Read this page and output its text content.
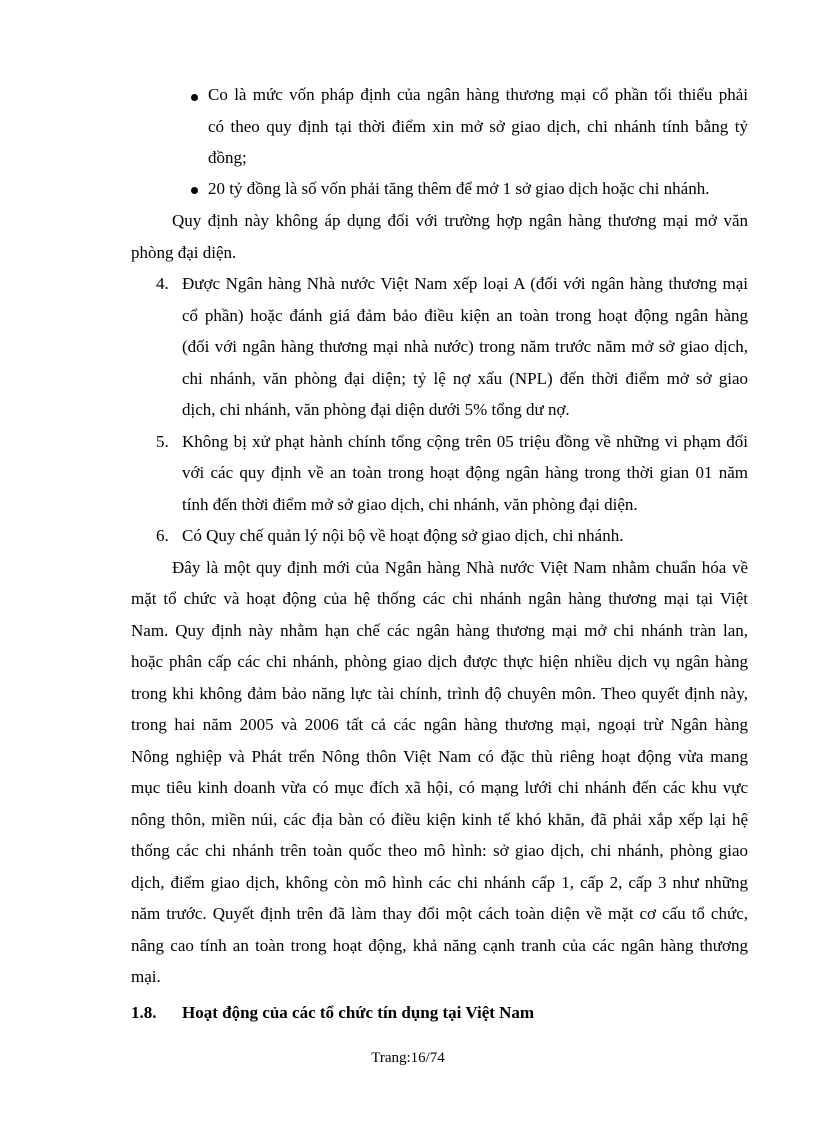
Co là mức vốn pháp định của ngân hàng thương mại cổ phần tối thiểu phải
có theo quy định tại thời điểm xin mở sở giao dịch, chi nhánh tính bằng tỷ
đồng;
20 tỷ đồng là số vốn phải tăng thêm để mở 1 sở giao dịch hoặc chi nhánh.
Quy định này không áp dụng đối với trường hợp ngân hàng thương mại mở văn
phòng đại diện.
4. Được Ngân hàng Nhà nước Việt Nam xếp loại A (đối với ngân hàng thương mại
cổ phần) hoặc đánh giá đảm bảo điều kiện an toàn trong hoạt động ngân hàng
(đối với ngân hàng thương mại nhà nước) trong năm trước năm mở sở giao dịch,
chi nhánh, văn phòng đại diện; tỷ lệ nợ xấu (NPL) đến thời điểm mở sở giao
dịch, chi nhánh, văn phòng đại diện dưới 5% tổng dư nợ.
5. Không bị xử phạt hành chính tổng cộng trên 05 triệu đồng về những vi phạm đối
với các quy định về an toàn trong hoạt động ngân hàng trong thời gian 01 năm
tính đến thời điểm mở sở giao dịch, chi nhánh, văn phòng đại diện.
6. Có Quy chế quản lý nội bộ về hoạt động sở giao dịch, chi nhánh.
Đây là một quy định mới của Ngân hàng Nhà nước Việt Nam nhằm chuẩn hóa về
mặt tổ chức và hoạt động của hệ thống các chi nhánh ngân hàng thương mại tại Việt
Nam. Quy định này nhằm hạn chế các ngân hàng thương mại mở chi nhánh tràn lan,
hoặc phân cấp các chi nhánh, phòng giao dịch được thực hiện nhiều dịch vụ ngân hàng
trong khi không đảm bảo năng lực tài chính, trình độ chuyên môn. Theo quyết định này,
trong hai năm 2005 và 2006 tất cả các ngân hàng thương mại, ngoại trừ Ngân hàng
Nông nghiệp và Phát trển Nông thôn Việt Nam có đặc thù riêng hoạt động vừa mang
mục tiêu kinh doanh vừa có mục đích xã hội, có mạng lưới chi nhánh đến các khu vực
nông thôn, miền núi, các địa bàn có điều kiện kinh tế khó khăn, đã phải xắp xếp lại hệ
thống các chi nhánh trên toàn quốc theo mô hình: sở giao dịch, chi nhánh, phòng giao
dịch, điểm giao dịch, không còn mô hình các chi nhánh cấp 1, cấp 2, cấp 3 như những
năm trước. Quyết định trên đã làm thay đổi một cách toàn diện về mặt cơ cấu tổ chức,
nâng cao tính an toàn trong hoạt động, khả năng cạnh tranh của các ngân hàng thương
mại.
1.8. Hoạt động của các tổ chức tín dụng tại Việt Nam
Trang:16/74
